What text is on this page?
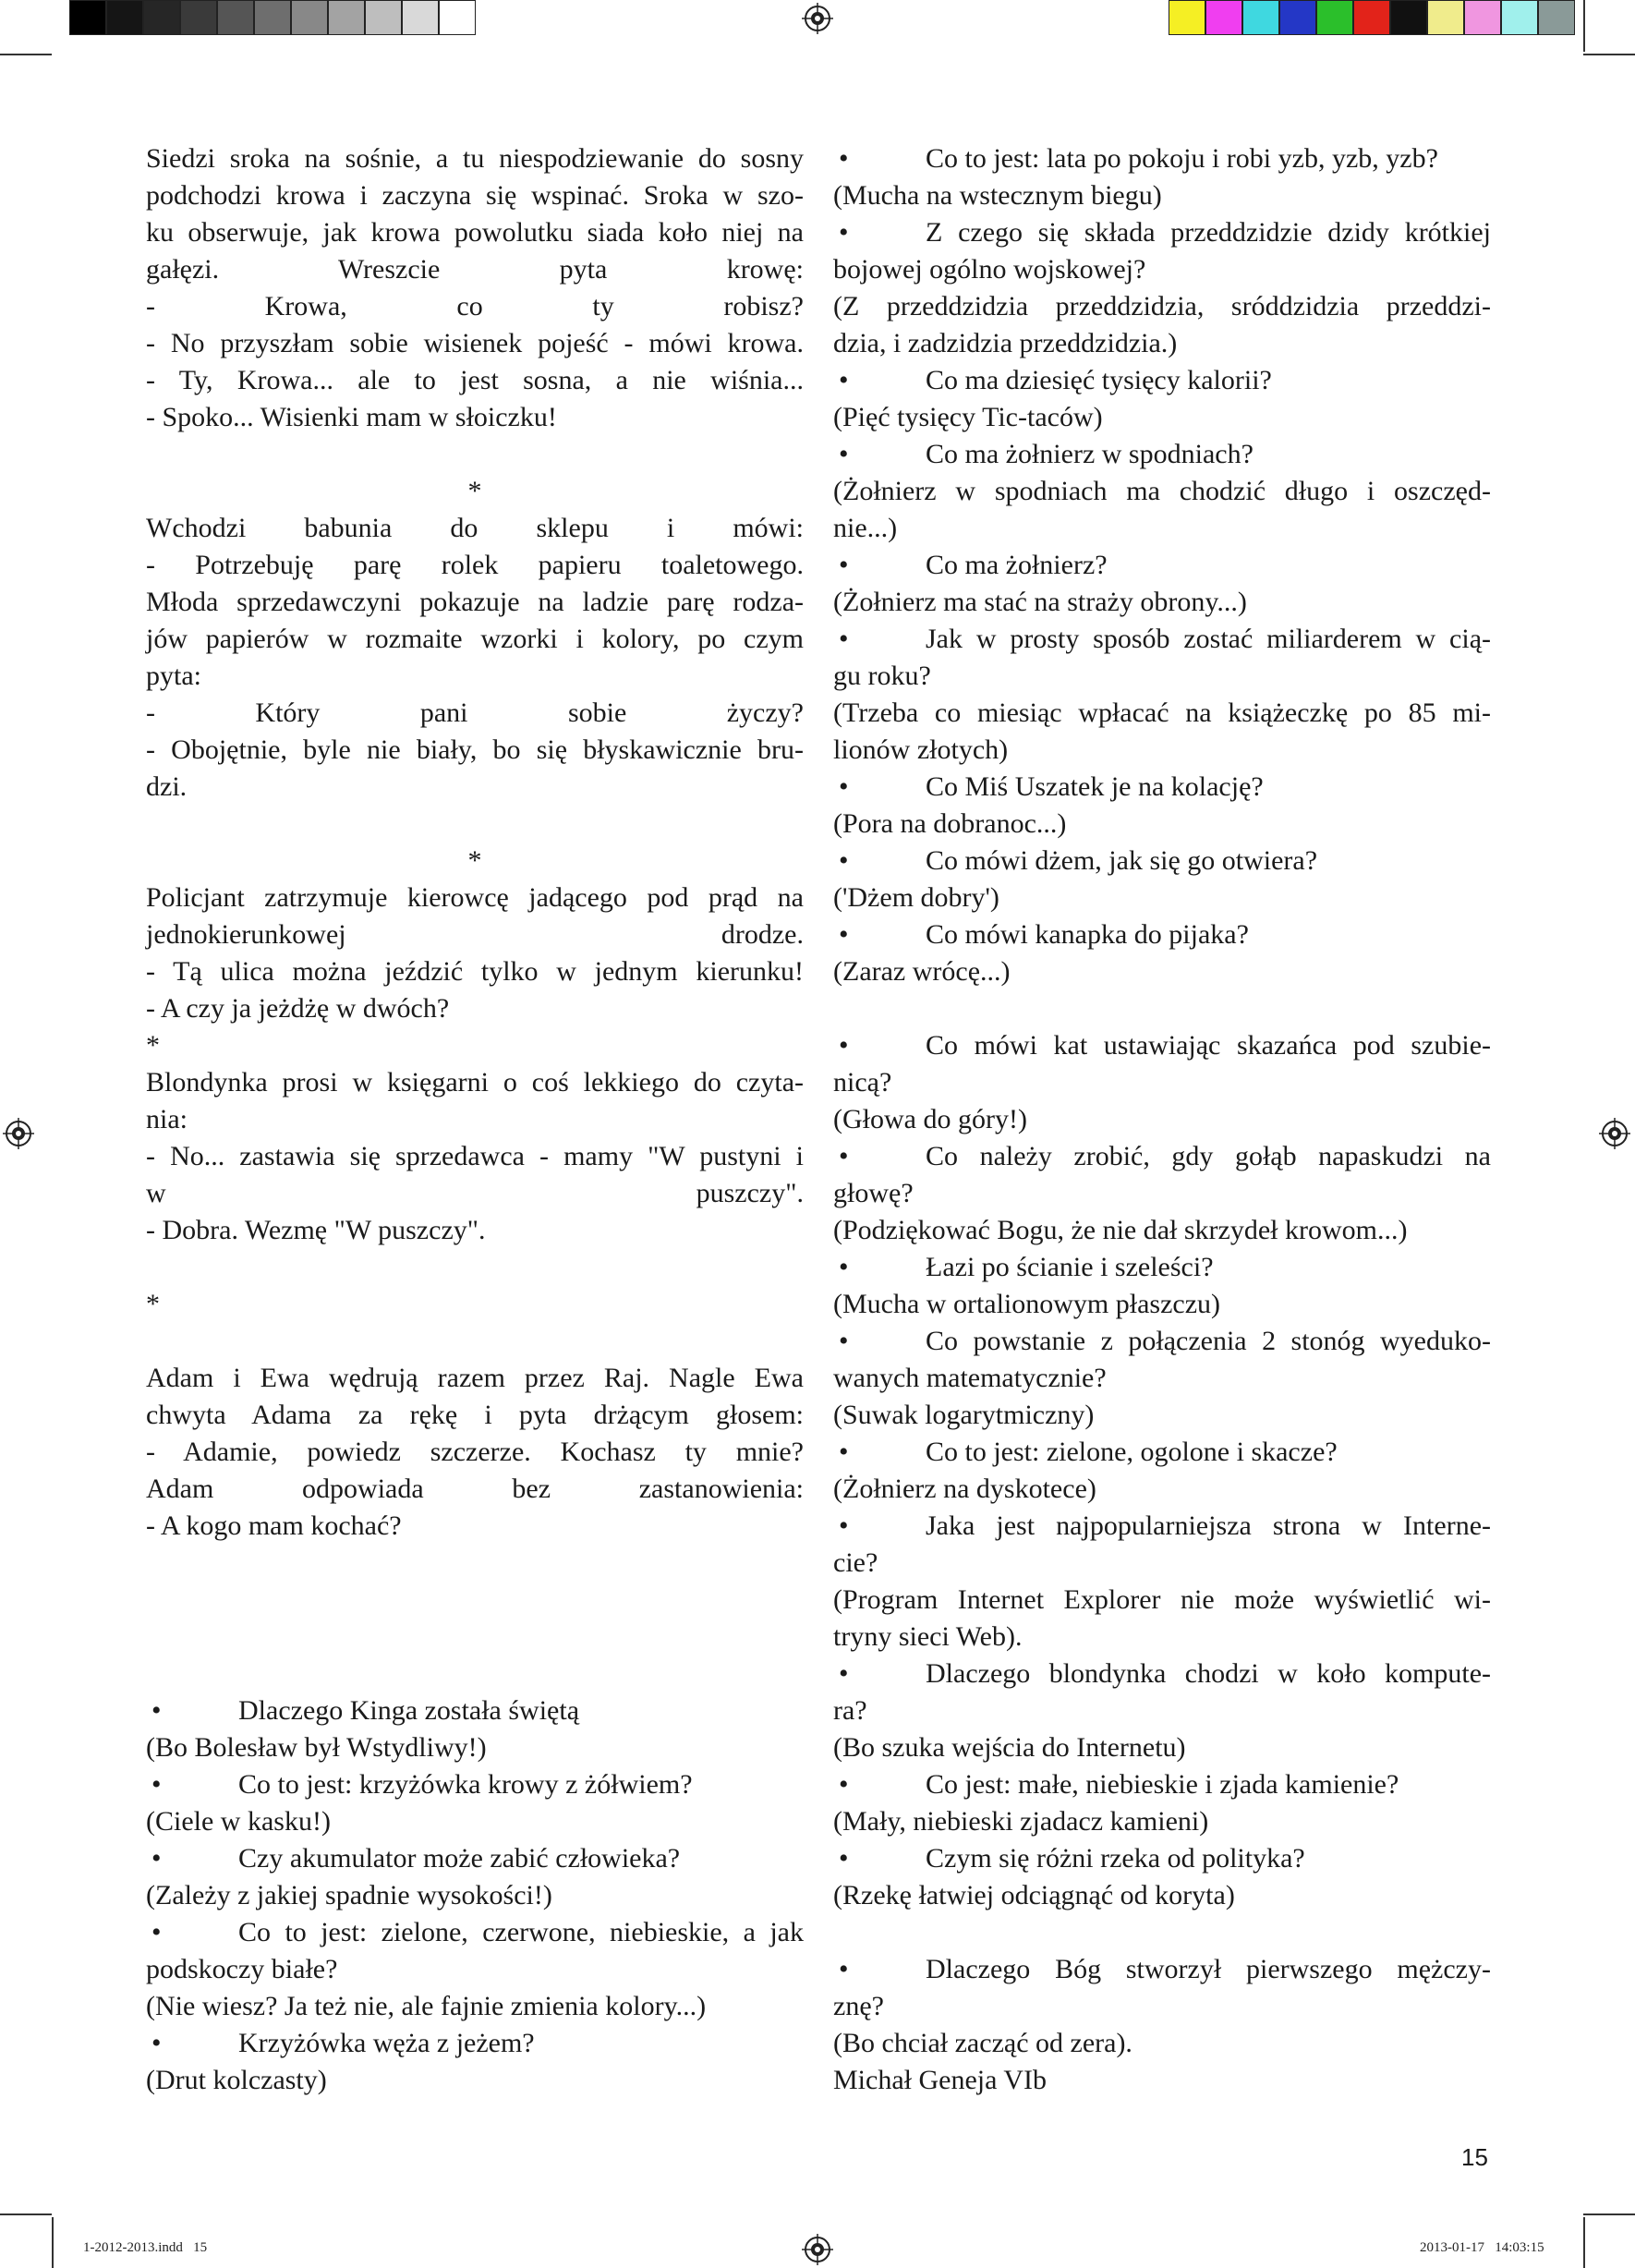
Siedzi sroka na sośnie, a tu niespodziewanie do sosny
podchodzi krowa i zaczyna się wspinać. Sroka w szo-
ku obserwuje, jak krowa powolutku siada koło niej na
gałęzi. Wreszcie pyta krowę:
- Krowa, co ty robisz?
- No przyszłam sobie wisienek pojeść - mówi krowa.
- Ty, Krowa... ale to jest sosna, a nie wiśnia...
- Spoko... Wisienki mam w słoiczku!
*
Wchodzi babunia do sklepu i mówi:
- Potrzebuję parę rolek papieru toaletowego.
Młoda sprzedawczyni pokazuje na ladzie parę rodza-
jów papierów w rozmaite wzorki i kolory, po czym
pyta:
- Który pani sobie życzy?
- Obojętnie, byle nie biały, bo się błyskawicznie bru-
dzi.
*
Policjant zatrzymuje kierowcę jadącego pod prąd na
jednokierunkowej drodze.
- Tą ulica można jeździć tylko w jednym kierunku!
- A czy ja jeżdżę w dwóch?
*
Blondynka prosi w księgarni o coś lekkiego do czyta-
nia:
- No... zastawia się sprzedawca - mamy "W pustyni i
w puszczy".
- Dobra. Wezmę "W puszczy".
*
Adam i Ewa wędrują razem przez Raj. Nagle Ewa
chwyta Adama za rękę i pyta drżącym głosem:
- Adamie, powiedz szczerze. Kochasz ty mnie?
Adam odpowiada bez zastanowienia:
- A kogo mam kochać?
•	Dlaczego Kinga została świętą
(Bo Bolesław był Wstydliwy!)
•	Co to jest: krzyżówka krowy z żółwiem?
(Ciele w kasku!)
•	Czy akumulator może zabić człowieka?
(Zależy z jakiej spadnie wysokości!)
•	Co to jest: zielone, czerwone, niebieskie, a jak
podskoczy białe?
(Nie wiesz? Ja też nie, ale fajnie zmienia kolory...)
•	Krzyżówka węża z jeżem?
(Drut kolczasty)
•	Co to jest: lata po pokoju i robi yzb, yzb, yzb?
(Mucha na wstecznym biegu)
•	Z czego się składa przeddzidzie dzidy krótkiej
bojowej ogólno wojskowej?
(Z przeddzidzia przeddzidzia, sróddzidzia przeddzi-
dzia, i zadzidzia przeddzidzia.)
•	Co ma dziesięć tysięcy kalorii?
(Pięć tysięcy Tic-taców)
•	Co ma żołnierz w spodniach?
(Żołnierz w spodniach ma chodzić długo i oszczęd-
nie...)
•	Co ma żołnierz?
(Żołnierz ma stać na straży obrony...)
•	Jak w prosty sposób zostać miliarderem w cią-
gu roku?
(Trzeba co miesiąc wpłacać na książeczkę po 85 mi-
lionów złotych)
•	Co Miś Uszatek je na kolację?
(Pora na dobranoc...)
•	Co mówi dżem, jak się go otwiera?
('Dżem dobry')
•	Co mówi kanapka do pijaka?
(Zaraz wrócę...)
•	Co mówi kat ustawiając skazańca pod szubie-
nicą?
(Głowa do góry!)
•	Co należy zrobić, gdy gołąb napaskudzi na
głowę?
(Podziękować Bogu, że nie dał skrzydeł krowom...)
•	Łazi po ścianie i szeleści?
(Mucha w ortalionowym płaszczu)
•	Co powstanie z połączenia 2 stonóg wyeduko-
wanych matematycznie?
(Suwak logarytmiczny)
•	Co to jest: zielone, ogolone i skacze?
(Żołnierz na dyskotece)
•	Jaka jest najpopularniejsza strona w Interne-
cie?
(Program Internet Explorer nie może wyświetlić wi-
tryny sieci Web).
•	Dlaczego blondynka chodzi w koło kompute-
ra?
(Bo szuka wejścia do Internetu)
•	Co jest: małe, niebieskie i zjada kamienie?
(Mały, niebieski zjadacz kamieni)
•	Czym się różni rzeka od polityka?
(Rzekę łatwiej odciągnąć od koryta)
•	Dlaczego Bóg stworzył pierwszego mężczy-
znę?
(Bo chciał zacząć od zera).
Michał Geneja VIb
15
1-2012-2013.indd   15	2013-01-17   14:03:15
